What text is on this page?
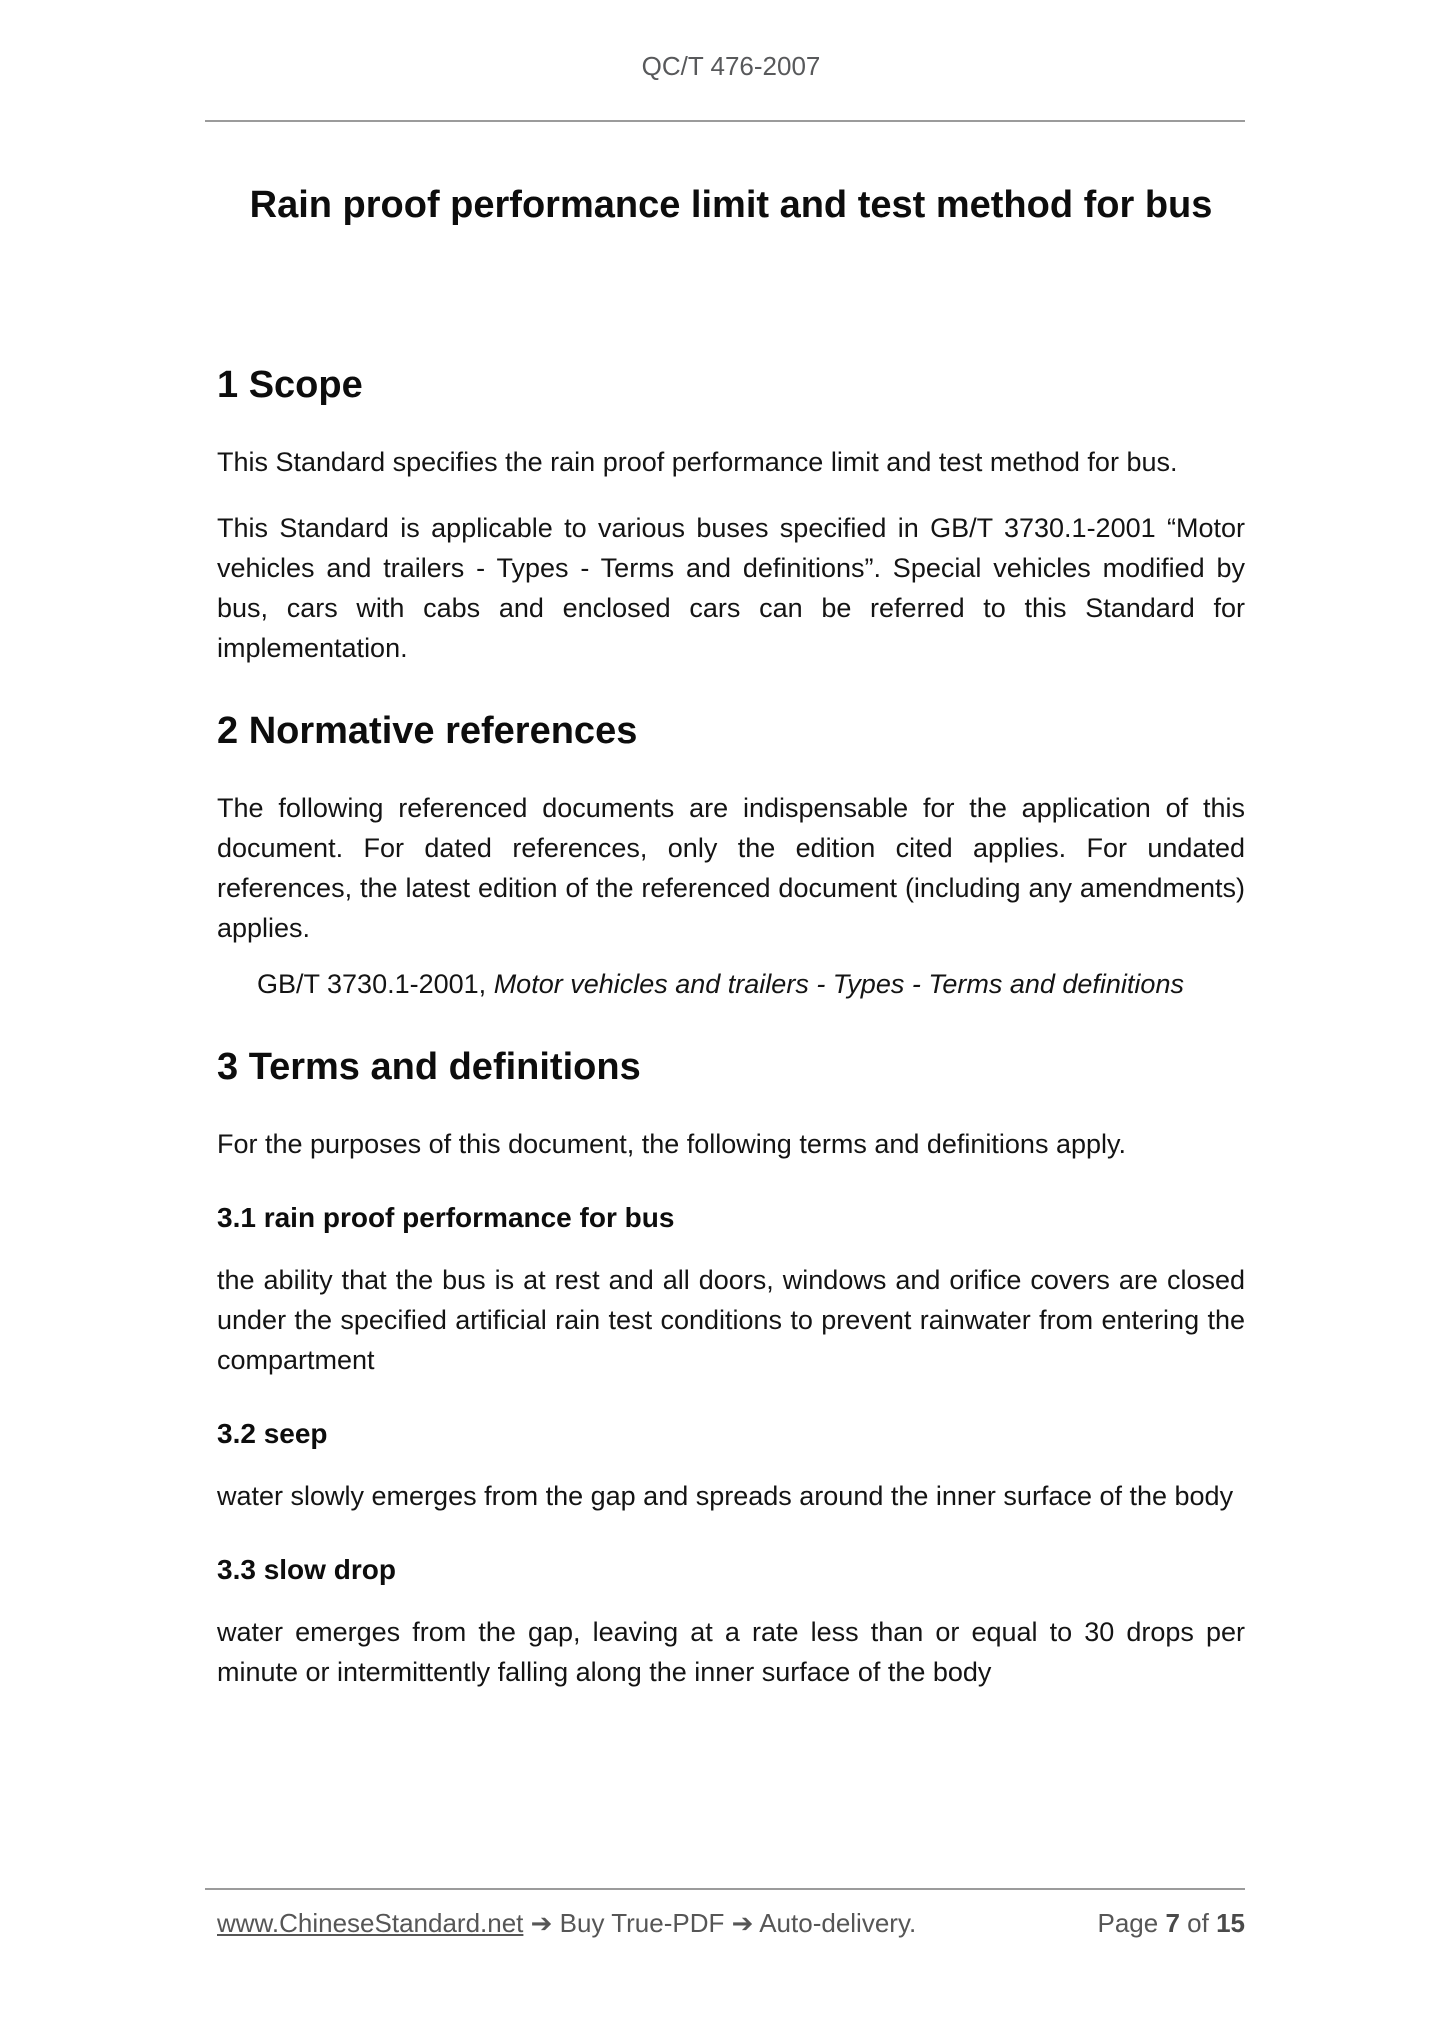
QC/T 476-2007
Rain proof performance limit and test method for bus
1 Scope
This Standard specifies the rain proof performance limit and test method for bus.
This Standard is applicable to various buses specified in GB/T 3730.1-2001 “Motor vehicles and trailers - Types - Terms and definitions”. Special vehicles modified by bus, cars with cabs and enclosed cars can be referred to this Standard for implementation.
2 Normative references
The following referenced documents are indispensable for the application of this document. For dated references, only the edition cited applies. For undated references, the latest edition of the referenced document (including any amendments) applies.
GB/T 3730.1-2001, Motor vehicles and trailers - Types - Terms and definitions
3 Terms and definitions
For the purposes of this document, the following terms and definitions apply.
3.1 rain proof performance for bus
the ability that the bus is at rest and all doors, windows and orifice covers are closed under the specified artificial rain test conditions to prevent rainwater from entering the compartment
3.2 seep
water slowly emerges from the gap and spreads around the inner surface of the body
3.3 slow drop
water emerges from the gap, leaving at a rate less than or equal to 30 drops per minute or intermittently falling along the inner surface of the body
www.ChineseStandard.net ➔ Buy True-PDF ➔ Auto-delivery.	Page 7 of 15
